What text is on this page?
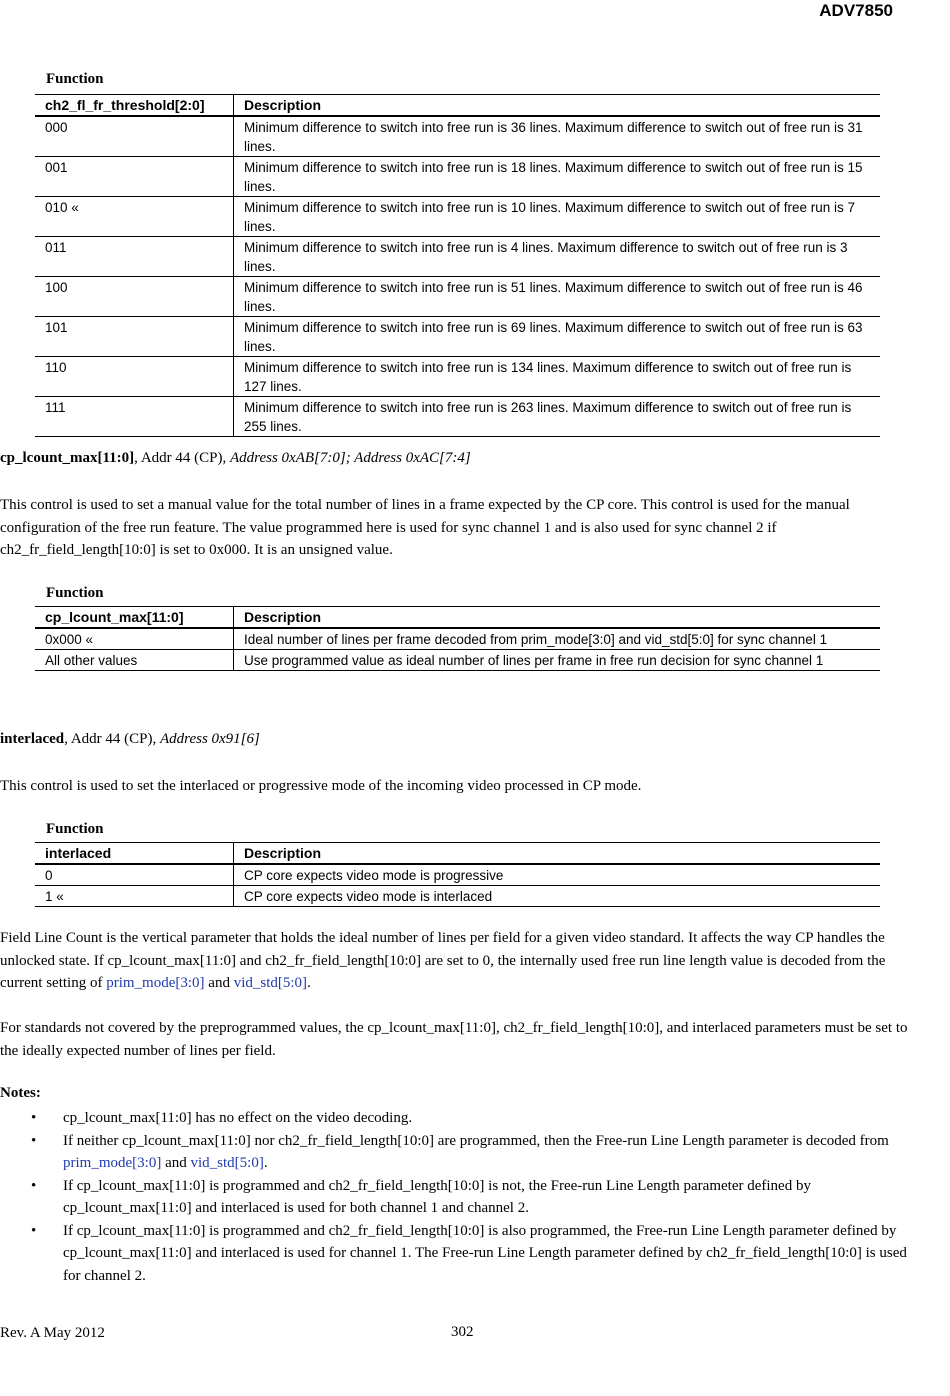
ADV7850
Function
ch2_fl_fr_threshold[2:0]	Description
000	Minimum difference to switch into free run is 36 lines. Maximum difference to switch out of free run is 31 lines.
001	Minimum difference to switch into free run is 18 lines. Maximum difference to switch out of free run is 15 lines.
010 «	Minimum difference to switch into free run is 10 lines. Maximum difference to switch out of free run is 7 lines.
011	Minimum difference to switch into free run is 4 lines. Maximum difference to switch out of free run is 3 lines.
100	Minimum difference to switch into free run is 51 lines. Maximum difference to switch out of free run is 46 lines.
101	Minimum difference to switch into free run is 69 lines. Maximum difference to switch out of free run is 63 lines.
110	Minimum difference to switch into free run is 134 lines. Maximum difference to switch out of free run is 127 lines.
111	Minimum difference to switch into free run is 263 lines. Maximum difference to switch out of free run is 255 lines.
cp_lcount_max[11:0], Addr 44 (CP), Address 0xAB[7:0]; Address 0xAC[7:4]
This control is used to set a manual value for the total number of lines in a frame expected by the CP core. This control is used for the manual configuration of the free run feature. The value programmed here is used for sync channel 1 and is also used for sync channel 2 if ch2_fr_field_length[10:0] is set to 0x000. It is an unsigned value.
Function
cp_lcount_max[11:0]	Description
0x000 «	Ideal number of lines per frame decoded from prim_mode[3:0] and vid_std[5:0] for sync channel 1
All other values	Use programmed value as ideal number of lines per frame in free run decision for sync channel 1
interlaced, Addr 44 (CP), Address 0x91[6]
This control is used to set the interlaced or progressive mode of the incoming video processed in CP mode.
Function
interlaced	Description
0	CP core expects video mode is progressive
1 «	CP core expects video mode is interlaced
Field Line Count is the vertical parameter that holds the ideal number of lines per field for a given video standard. It affects the way CP handles the unlocked state. If cp_lcount_max[11:0] and ch2_fr_field_length[10:0] are set to 0, the internally used free run line length value is decoded from the current setting of prim_mode[3:0] and vid_std[5:0].
For standards not covered by the preprogrammed values, the cp_lcount_max[11:0], ch2_fr_field_length[10:0], and interlaced parameters must be set to the ideally expected number of lines per field.
Notes:
• cp_lcount_max[11:0] has no effect on the video decoding.
• If neither cp_lcount_max[11:0] nor ch2_fr_field_length[10:0] are programmed, then the Free-run Line Length parameter is decoded from prim_mode[3:0] and vid_std[5:0].
• If cp_lcount_max[11:0] is programmed and ch2_fr_field_length[10:0] is not, the Free-run Line Length parameter defined by cp_lcount_max[11:0] and interlaced is used for both channel 1 and channel 2.
• If cp_lcount_max[11:0] is programmed and ch2_fr_field_length[10:0] is also programmed, the Free-run Line Length parameter defined by cp_lcount_max[11:0] and interlaced is used for channel 1. The Free-run Line Length parameter defined by ch2_fr_field_length[10:0] is used for channel 2.
Rev. A May 2012	302
